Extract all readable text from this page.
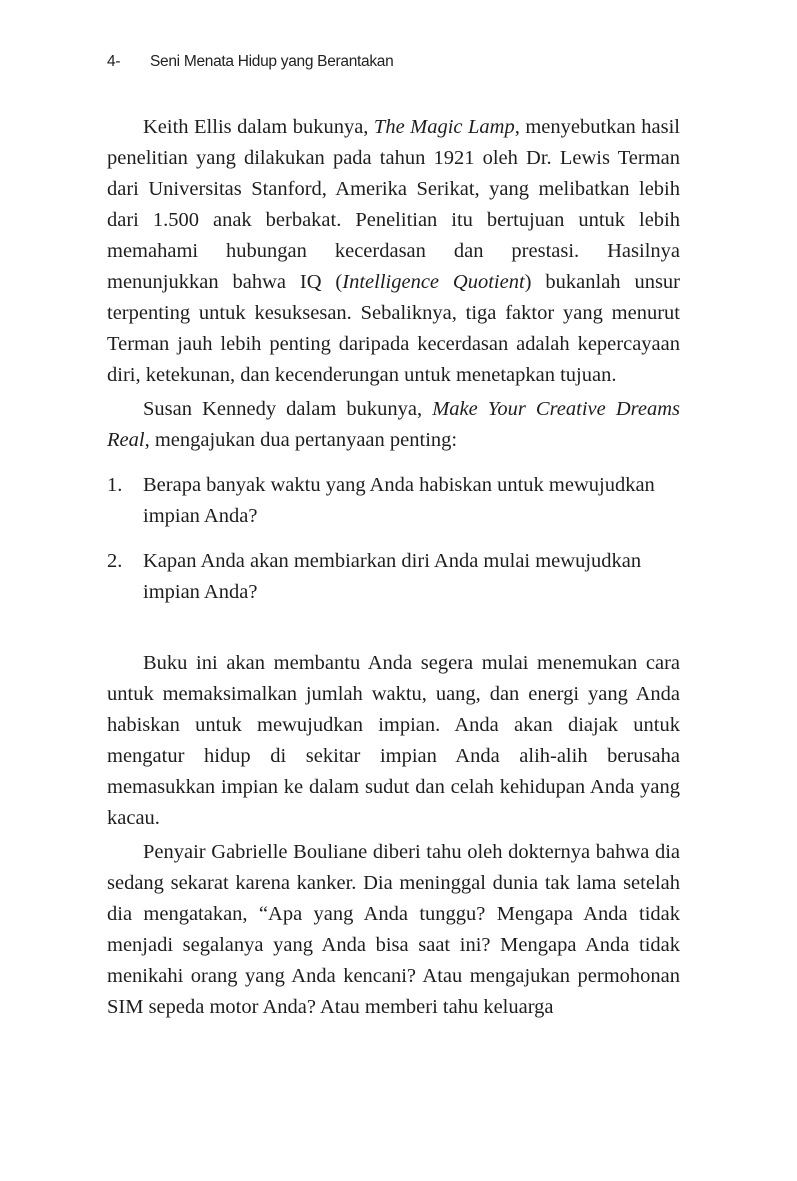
4- Seni Menata Hidup yang Berantakan

Keith Ellis dalam bukunya, The Magic Lamp, menyebutkan hasil penelitian yang dilakukan pada tahun 1921 oleh Dr. Lewis Terman dari Universitas Stanford, Amerika Serikat, yang melibatkan lebih dari 1.500 anak berbakat. Penelitian itu bertujuan untuk lebih memahami hubungan kecerdasan dan prestasi. Hasilnya menunjukkan bahwa IQ (Intelligence Quotient) bukanlah unsur terpenting untuk kesuksesan. Sebaliknya, tiga faktor yang menurut Terman jauh lebih penting daripada kecerdasan adalah kepercayaan diri, ketekunan, dan kecenderungan untuk menetapkan tujuan.

Susan Kennedy dalam bukunya, Make Your Creative Dreams Real, mengajukan dua pertanyaan penting:

1. Berapa banyak waktu yang Anda habiskan untuk mewujudkan impian Anda?
2. Kapan Anda akan membiarkan diri Anda mulai mewujudkan impian Anda?

Buku ini akan membantu Anda segera mulai menemukan cara untuk memaksimalkan jumlah waktu, uang, dan energi yang Anda habiskan untuk mewujudkan impian. Anda akan diajak untuk mengatur hidup di sekitar impian Anda alih-alih berusaha memasukkan impian ke dalam sudut dan celah kehidupan Anda yang kacau.

Penyair Gabrielle Bouliane diberi tahu oleh dokternya bahwa dia sedang sekarat karena kanker. Dia meninggal dunia tak lama setelah dia mengatakan, “Apa yang Anda tunggu? Mengapa Anda tidak menjadi segalanya yang Anda bisa saat ini? Mengapa Anda tidak menikahi orang yang Anda kencani? Atau mengajukan permohonan SIM sepeda motor Anda? Atau memberi tahu keluarga
